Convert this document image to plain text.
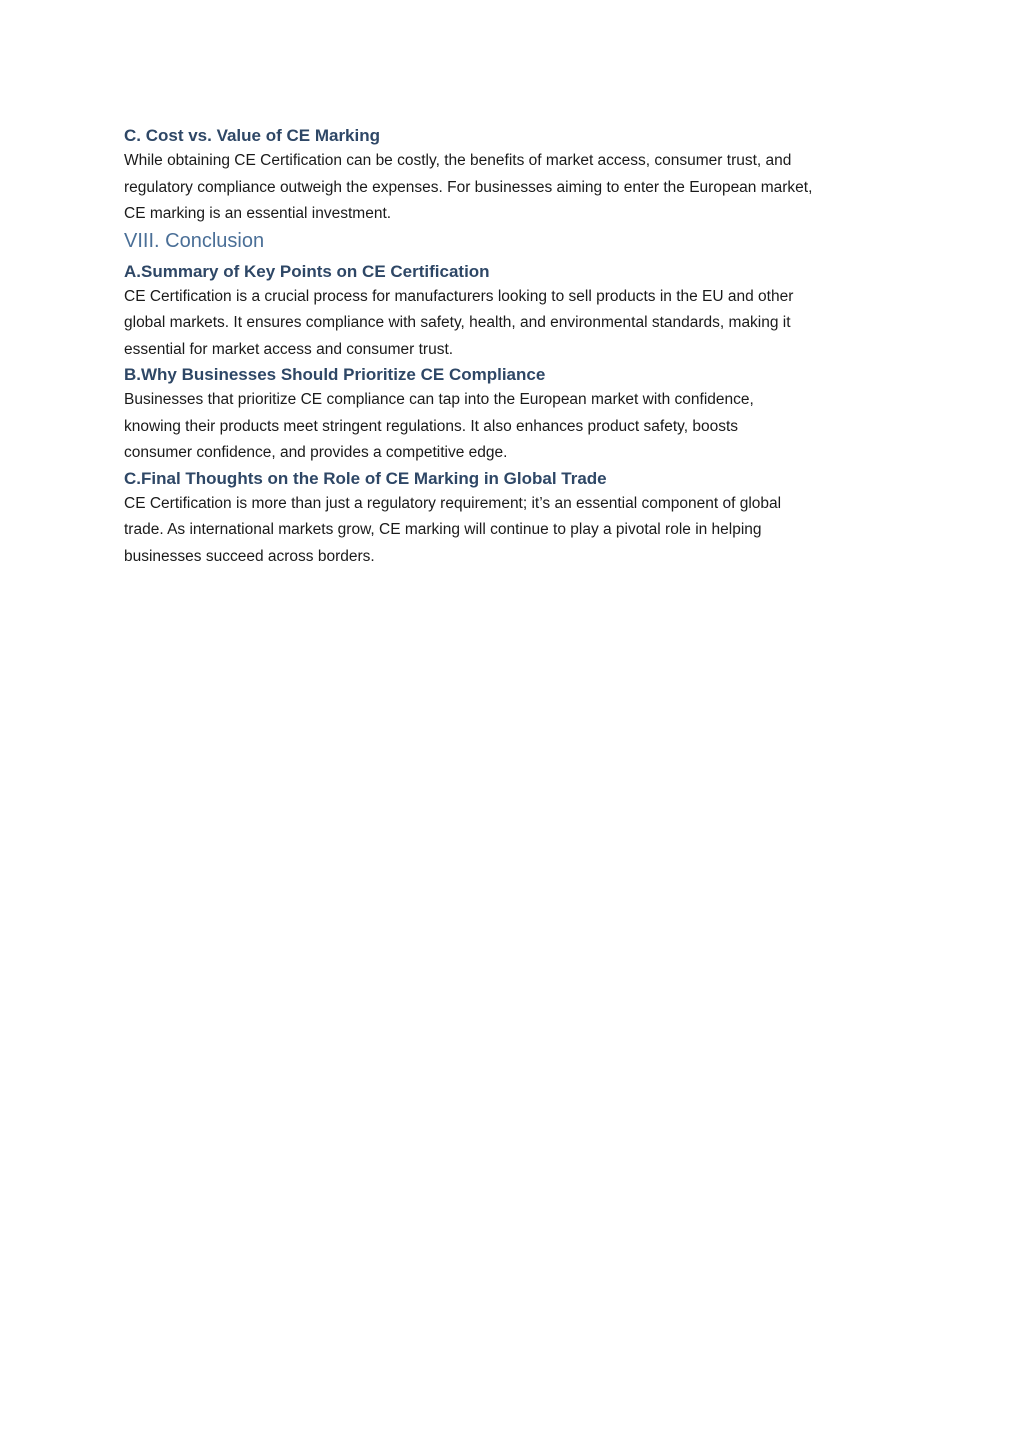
C. Cost vs. Value of CE Marking

While obtaining CE Certification can be costly, the benefits of market access, consumer trust, and
regulatory compliance outweigh the expenses. For businesses aiming to enter the European market,
CE marking is an essential investment.

VIII. Conclusion
A.Summary of Key Points on CE Certification

CE Certification is a crucial process for manufacturers looking to sell products in the EU and other
global markets. It ensures compliance with safety, health, and environmental standards, making it
essential for market access and consumer trust.

B.Why Businesses Should Prioritize CE Compliance

Businesses that prioritize CE compliance can tap into the European market with confidence,
knowing their products meet stringent regulations. It also enhances product safety, boosts
consumer confidence, and provides a competitive edge.

C.Final Thoughts on the Role of CE Marking in Global Trade

CE Certification is more than just a regulatory requirement; it’s an essential component of global
trade. As international markets grow, CE marking will continue to play a pivotal role in helping
businesses succeed across borders.
